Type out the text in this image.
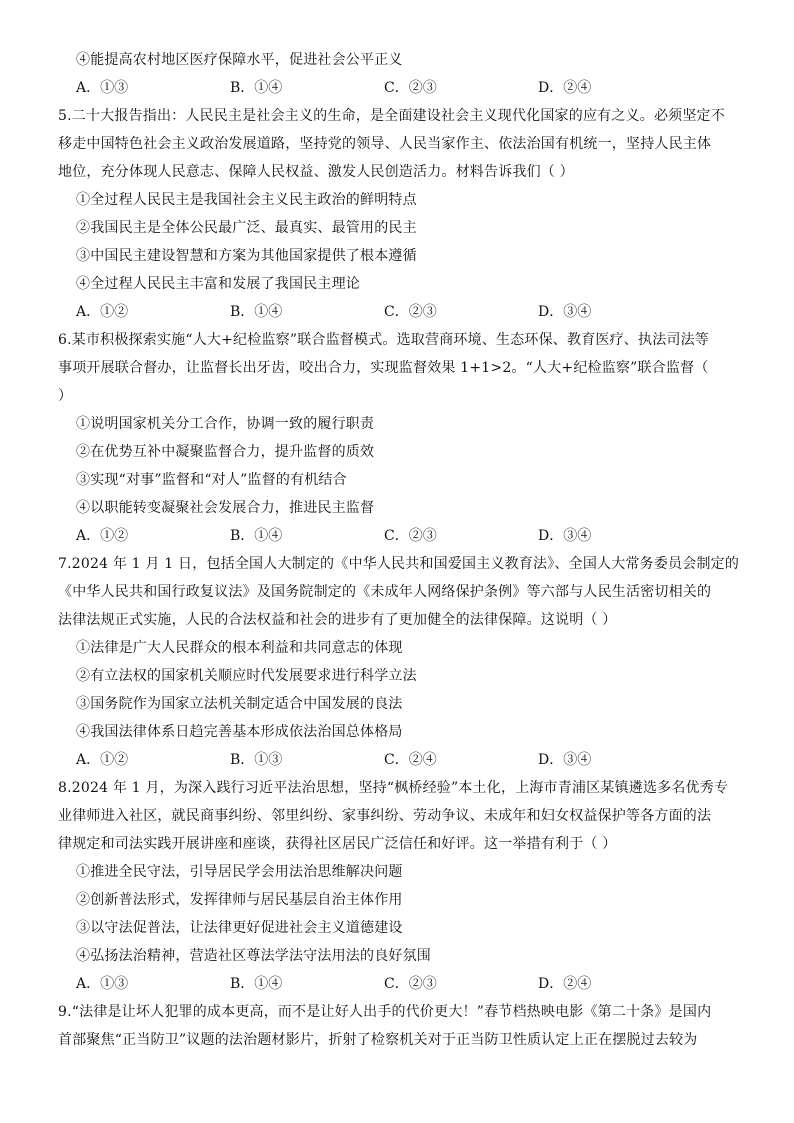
④能提高农村地区医疗保障水平，促进社会公平正义
A．①③	B．①④	C．②③	D．②④
5.二十大报告指出：人民民主是社会主义的生命，是全面建设社会主义现代化国家的应有之义。必须坚定不
移走中国特色社会主义政治发展道路，坚持党的领导、人民当家作主、依法治国有机统一，坚持人民主体
地位，充分体现人民意志、保障人民权益、激发人民创造活力。材料告诉我们（ ）
①全过程人民民主是我国社会主义民主政治的鲜明特点
②我国民主是全体公民最广泛、最真实、最管用的民主
③中国民主建设智慧和方案为其他国家提供了根本遵循
④全过程人民民主丰富和发展了我国民主理论
A．①②	B．①④	C．②③	D．③④
6.某市积极探索实施“人大+纪检监察”联合监督模式。选取营商环境、生态环保、教育医疗、执法司法等
事项开展联合督办，让监督长出牙齿，咬出合力，实现监督效果 1+1>2。“人大+纪检监察”联合监督（
）
①说明国家机关分工合作，协调一致的履行职责
②在优势互补中凝聚监督合力，提升监督的质效
③实现“对事”监督和“对人”监督的有机结合
④以职能转变凝聚社会发展合力，推进民主监督
A．①②	B．①④	C．②③	D．③④
7.2024 年 1 月 1 日，包括全国人大制定的《中华人民共和国爱国主义教育法》、全国人大常务委员会制定的
《中华人民共和国行政复议法》及国务院制定的《未成年人网络保护条例》等六部与人民生活密切相关的
法律法规正式实施，人民的合法权益和社会的进步有了更加健全的法律保障。这说明（ ）
①法律是广大人民群众的根本利益和共同意志的体现
②有立法权的国家机关顺应时代发展要求进行科学立法
③国务院作为国家立法机关制定适合中国发展的良法
④我国法律体系日趋完善基本形成依法治国总体格局
A．①②	B．①③	C．②④	D．③④
8.2024 年 1 月，为深入践行习近平法治思想，坚持“枫桥经验”本土化，上海市青浦区某镇遴选多名优秀专
业律师进入社区，就民商事纠纷、邻里纠纷、家事纠纷、劳动争议、未成年和妇女权益保护等各方面的法
律规定和司法实践开展讲座和座谈，获得社区居民广泛信任和好评。这一举措有利于（ ）
①推进全民守法，引导居民学会用法治思维解决问题
②创新普法形式，发挥律师与居民基层自治主体作用
③以守法促普法，让法律更好促进社会主义道德建设
④弘扬法治精神，营造社区尊法学法守法用法的良好氛围
A．①③	B．①④	C．②③	D．②④
9.“法律是让坏人犯罪的成本更高，而不是让好人出手的代价更大！”春节档热映电影《第二十条》是国内
首部聚焦“正当防卫”议题的法治题材影片，折射了检察机关对于正当防卫性质认定上正在摆脱过去较为
